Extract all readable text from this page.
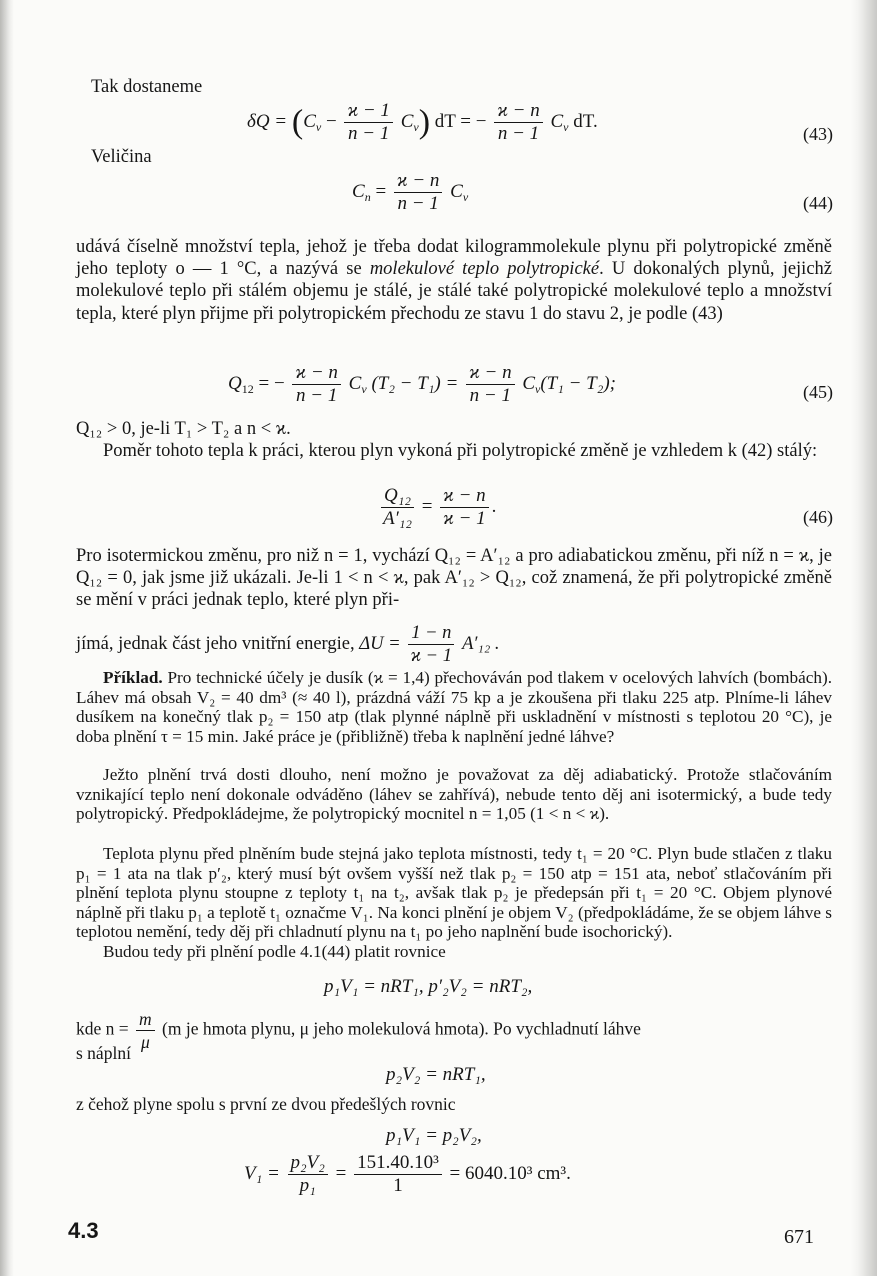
Tak dostaneme
$\delta Q = (C_v - \frac{ϰ - 1}{n - 1} C_v)$ dT = − $\frac{ϰ - n}{n - 1} C_v$ dT.
(43)
Veličina
$C_n = \frac{ϰ - n}{n - 1} C_v$	(44)
udává číselně množství tepla, jehož je třeba dodat kilogrammolekule plynu při polytropické změně jeho teploty o — 1 °C, a nazývá se molekulové teplo polytropické. U dokonalých plynů, jejichž molekulové teplo při stálém objemu je stálé, je stálé také polytropické molekulové teplo a množství tepla, které plyn přijme při polytropickém přechodu ze stavu 1 do stavu 2, je podle (43)
$Q_{12}$ = − $\frac{ϰ - n}{n - 1} C_v$ $(T_2 - T_1) = \frac{ϰ - n}{n - 1} C_v(T_1 - T_2)$;	(45)
Q₁₂ > 0, je-li T₁ > T₂ a n < ϰ.
Poměr tohoto tepla k práci, kterou plyn vykoná při polytropické změně je vzhledem k (42) stálý:
$\frac{\text{Q₁₂}}{\text{A′₁₂}} = \frac{ϰ - n}{ϰ - 1}$ .
(46)
Pro isotermickou změnu, pro niž n = 1, vychází Q₁₂ = A′₁₂ a pro adiabatickou změnu, při níž n = ϰ, je Q₁₂ = 0, jak jsme již ukázali. Je-li 1 < n < ϰ, pak A′₁₂ > Q₁₂, což znamená, že při polytropické změně se mění v práci jednak teplo, které plyn při-
jímá, jednak část jeho vnitřní energie, $\Delta U = \frac{1 - n}{ϰ - 1} A'_{12}$ .
Příklad. Pro technické účely je dusík (ϰ = 1,4) přechováván pod tlakem v ocelových lahvích (bombách). Láhev má obsah V₂ = 40 dm³ (≈ 40 l), prázdná váží 75 kp a je zkoušena při tlaku 225 atp. Plníme-li láhev dusíkem na konečný tlak p₂ = 150 atp (tlak plynné náplně při uskladnění v místnosti s teplotou 20 °C), je doba plnění τ = 15 min. Jaké práce je (přibližně) třeba k naplnění jedné láhve?
Ježto plnění trvá dosti dlouho, není možno je považovat za děj adiabatický. Protože stlačováním vznikající teplo není dokonale odváděno (láhev se zahřívá), nebude tento děj ani isotermický, a bude tedy polytropický. Předpokládejme, že polytropický mocnitel n = 1,05 (1 < n < ϰ).
Teplota plynu před plněním bude stejná jako teplota místnosti, tedy t₁ = 20 °C. Plyn bude stlačen z tlaku p₁ = 1 ata na tlak p′₂, který musí být ovšem vyšší než tlak p₂ = 150 atp = 151 ata, neboť stlačováním při plnění teplota plynu stoupne z teploty t₁ na t₂, avšak tlak p₂ je předepsán při t₁ = 20 °C. Objem plynové náplně při tlaku p₁ a teplotě t₁ označme V₁. Na konci plnění je objem V₂ (předpokládáme, že se objem láhve s teplotou nemění, tedy děj při chladnutí plynu na t₁ po jeho naplnění bude isochorický).
Budou tedy při plnění podle 4.1(44) platit rovnice
p₁V₁ = nRT₁, p′₂V₂ = nRT₂,
kde $n = \frac{m}{\mu} (m$ je hmota plynu, μ jeho molekulová hmota). Po vychladnutí láhve
s náplní
p₂V₂ = nRT₁,
z čehož plyne spolu s první ze dvou předešlých rovnic
p₁V₁ = p₂V₂,
$V_1 = \frac{\text{p₂V₂}}{\text{p₁}} = \frac{\text{151.40.10³}}{1} = 6040.10^3$ cm³.
4.3	671
